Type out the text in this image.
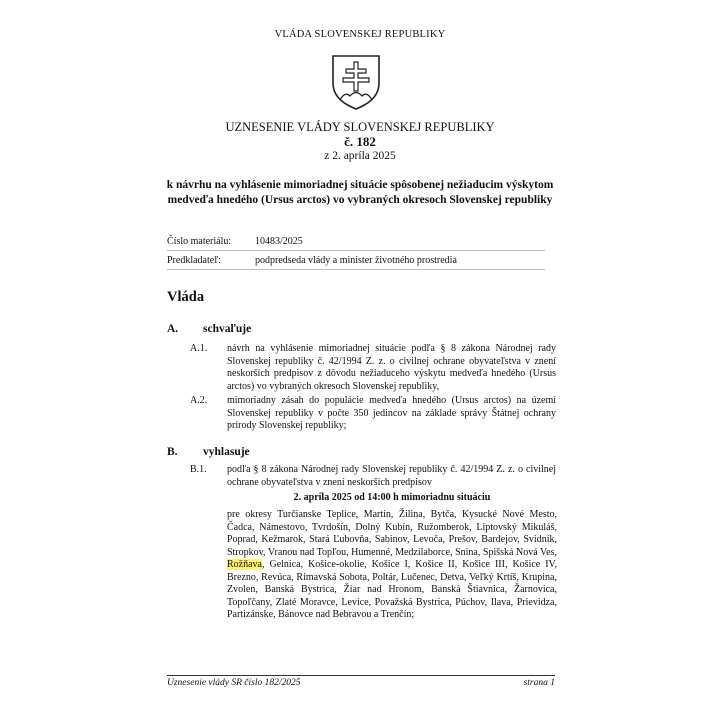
VLÁDA SLOVENSKEJ REPUBLIKY
UZNESENIE VLÁDY SLOVENSKEJ REPUBLIKY
č. 182
z 2. apríla 2025
k návrhu na vyhlásenie mimoriadnej situácie spôsobenej nežiaducim výskytom medveďa hnedého (Ursus arctos) vo vybraných okresoch Slovenskej republiky
Číslo materiálu:	10483/2025
Predkladateľ:	podpredseda vlády a minister životného prostredia
Vláda
A. schvaľuje
A.1.	návrh na vyhlásenie mimoriadnej situácie podľa § 8 zákona Národnej rady Slovenskej republiky č. 42/1994 Z. z. o civilnej ochrane obyvateľstva v znení neskorších predpisov z dôvodu nežiaduceho výskytu medveďa hnedého (Ursus arctos) vo vybraných okresoch Slovenskej republiky,
A.2.	mimoriadny zásah do populácie medveďa hnedého (Ursus arctos) na území Slovenskej republiky v počte 350 jedincov na základe správy Štátnej ochrany prírody Slovenskej republiky;
B. vyhlasuje
B.1.	podľa § 8 zákona Národnej rady Slovenskej republiky č. 42/1994 Z. z. o civilnej ochrane obyvateľstva v znení neskorších predpisov
2. apríla 2025 od 14:00 h mimoriadnu situáciu
pre okresy Turčianske Teplice, Martin, Žilina, Bytča, Kysucké Nové Mesto, Čadca, Námestovo, Tvrdošín, Dolný Kubín, Ružomberok, Liptovský Mikuláš, Poprad, Kežmarok, Stará Ľubovňa, Sabinov, Levoča, Prešov, Bardejov, Svidník, Stropkov, Vranou nad Topľou, Humenné, Medzilaborce, Snina, Spišská Nová Ves, Rožňava, Gelnica, Košice-okolie, Košice I, Košice II, Košice III, Košice IV, Brezno, Revúca, Rimavská Sobota, Poltár, Lučenec, Detva, Veľký Krtíš, Krupina, Zvolen, Banská Bystrica, Žiar nad Hronom, Banská Štiavnica, Žarnovica, Topoľčany, Zlaté Moravce, Levice, Považská Bystrica, Púchov, Ilava, Prievidza, Partizánske, Bánovce nad Bebravou a Trenčín;
Uznesenie vlády SR číslo 182/2025	strana 1
